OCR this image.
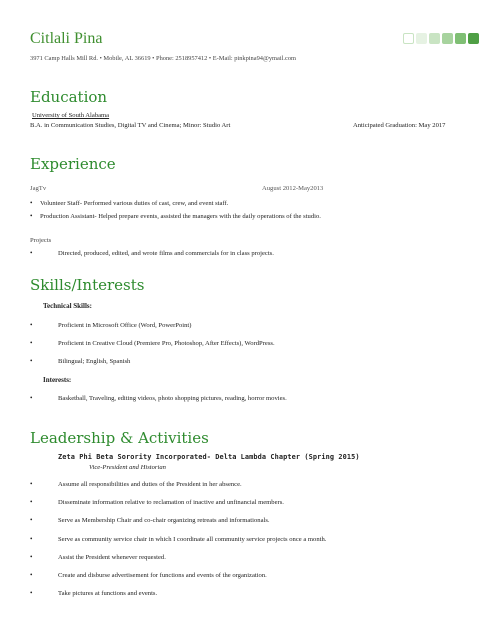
Citlali Pina
3971 Camp Halls Mill Rd. • Mobile, AL 36619 • Phone: 2518957412 • E-Mail: pinkpina94@ymail.com
Education
University of South Alabama
B.A. in Communication Studies, Digital TV and Cinema; Minor: Studio Art	Anticipated Graduation: May 2017
Experience
JagTv	August 2012-May2013
• Volunteer Staff- Performed various duties of cast, crew, and event staff.
• Production Assistant- Helped prepare events, assisted the managers with the daily operations of the studio.
Projects
•	Directed, produced, edited, and wrote films and commercials for in class projects.
Skills/Interests
Technical Skills:
•	Proficient in Microsoft Office (Word, PowerPoint)
•	Proficient in Creative Cloud (Premiere Pro, Photoshop, After Effects), WordPress.
•	Bilingual; English, Spanish
Interests:
•	Basketball, Traveling, editing videos, photo shopping pictures, reading, horror movies.
Leadership & Activities
Zeta Phi Beta Sorority Incorporated- Delta Lambda Chapter (Spring 2015)
Vice-President and Historian
•	Assume all responsibilities and duties of the President in her absence.
•	Disseminate information relative to reclamation of inactive and unfinancial members.
•	Serve as Membership Chair and co-chair organizing retreats and informationals.
•	Serve as community service chair in which I coordinate all community service projects once a month.
•	Assist the President whenever requested.
•	Create and disburse advertisement for functions and events of the organization.
•	Take pictures at functions and events.
